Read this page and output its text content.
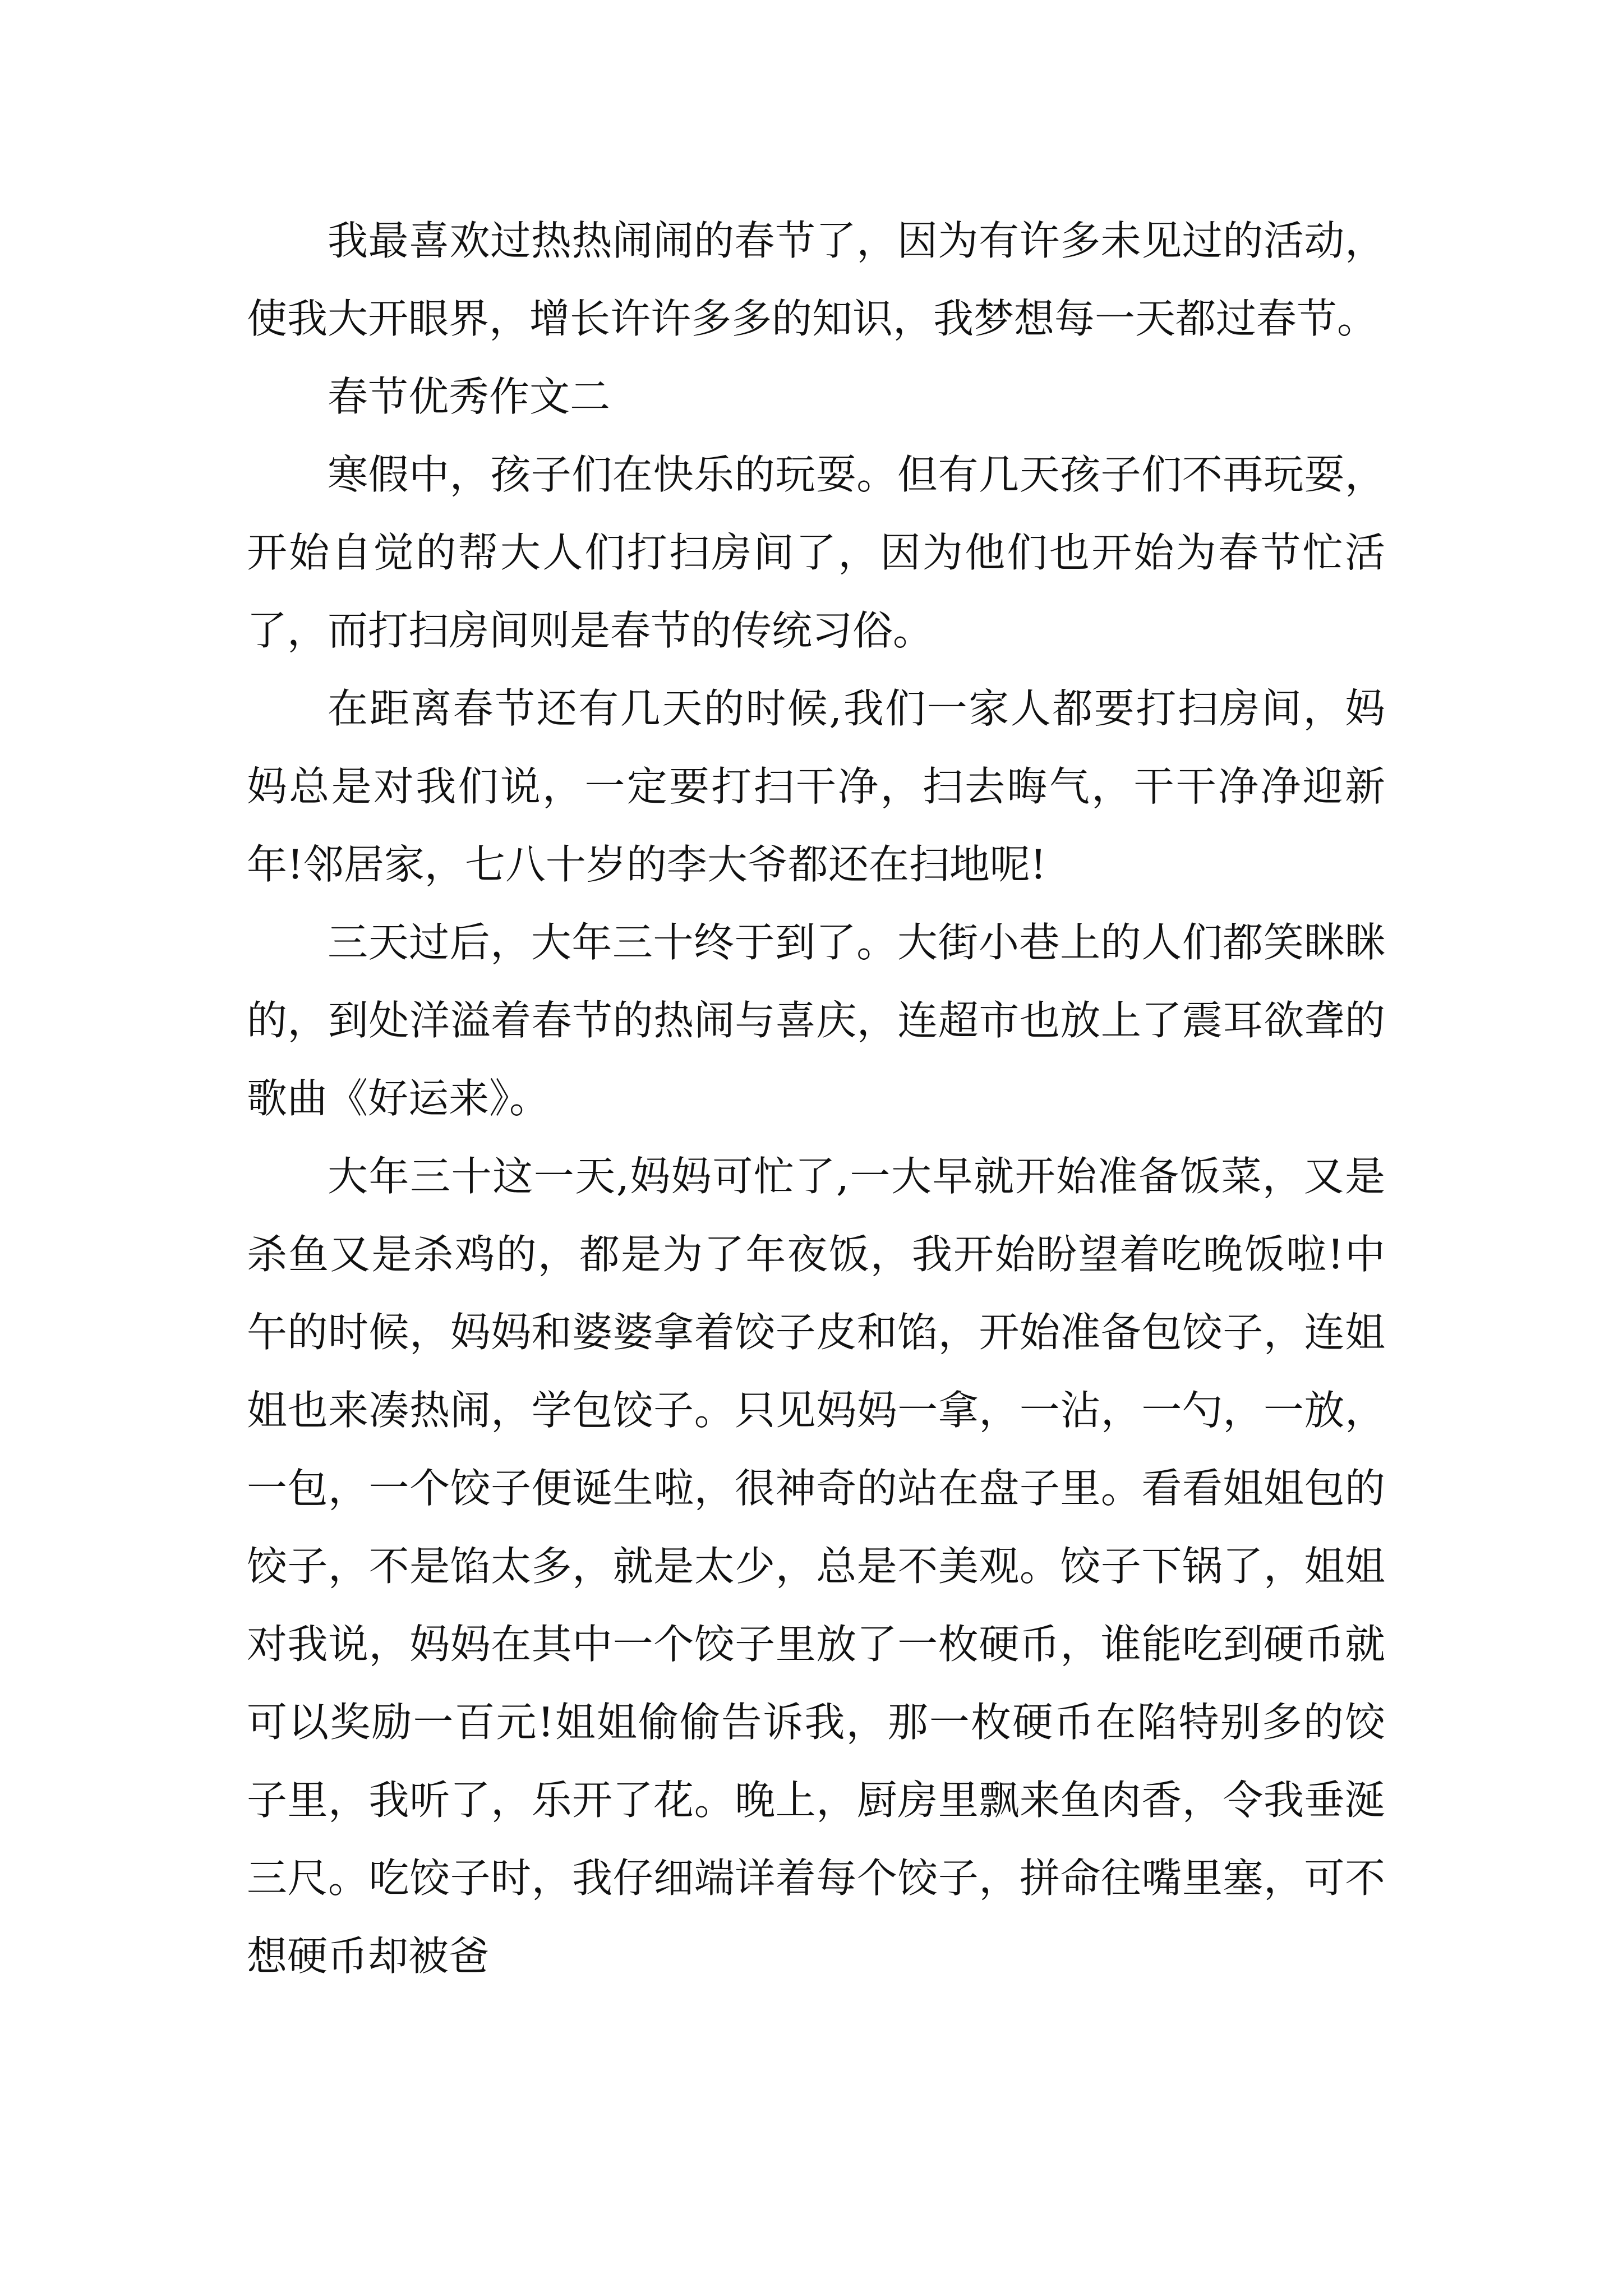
我最喜欢过热热闹闹的春节了，因为有许多未见过的活动，使我大开眼界，增长许许多多的知识，我梦想每一天都过春节。

春节优秀作文二

寒假中，孩子们在快乐的玩耍。但有几天孩子们不再玩耍，开始自觉的帮大人们打扫房间了，因为他们也开始为春节忙活了，而打扫房间则是春节的传统习俗。

在距离春节还有几天的时候,我们一家人都要打扫房间，妈妈总是对我们说，一定要打扫干净，扫去晦气，干干净净迎新年!邻居家，七八十岁的李大爷都还在扫地呢!

三天过后，大年三十终于到了。大街小巷上的人们都笑眯眯的，到处洋溢着春节的热闹与喜庆，连超市也放上了震耳欲聋的歌曲《好运来》。

大年三十这一天,妈妈可忙了,一大早就开始准备饭菜，又是杀鱼又是杀鸡的，都是为了年夜饭，我开始盼望着吃晚饭啦!中午的时候，妈妈和婆婆拿着饺子皮和馅，开始准备包饺子，连姐姐也来凑热闹，学包饺子。只见妈妈一拿，一沾，一勺，一放，一包，一个饺子便诞生啦，很神奇的站在盘子里。看看姐姐包的饺子，不是馅太多，就是太少，总是不美观。饺子下锅了，姐姐对我说，妈妈在其中一个饺子里放了一枚硬币，谁能吃到硬币就可以奖励一百元!姐姐偷偷告诉我，那一枚硬币在陷特别多的饺子里，我听了，乐开了花。晚上，厨房里飘来鱼肉香，令我垂涎三尺。吃饺子时，我仔细端详着每个饺子，拼命往嘴里塞，可不想硬币却被爸
